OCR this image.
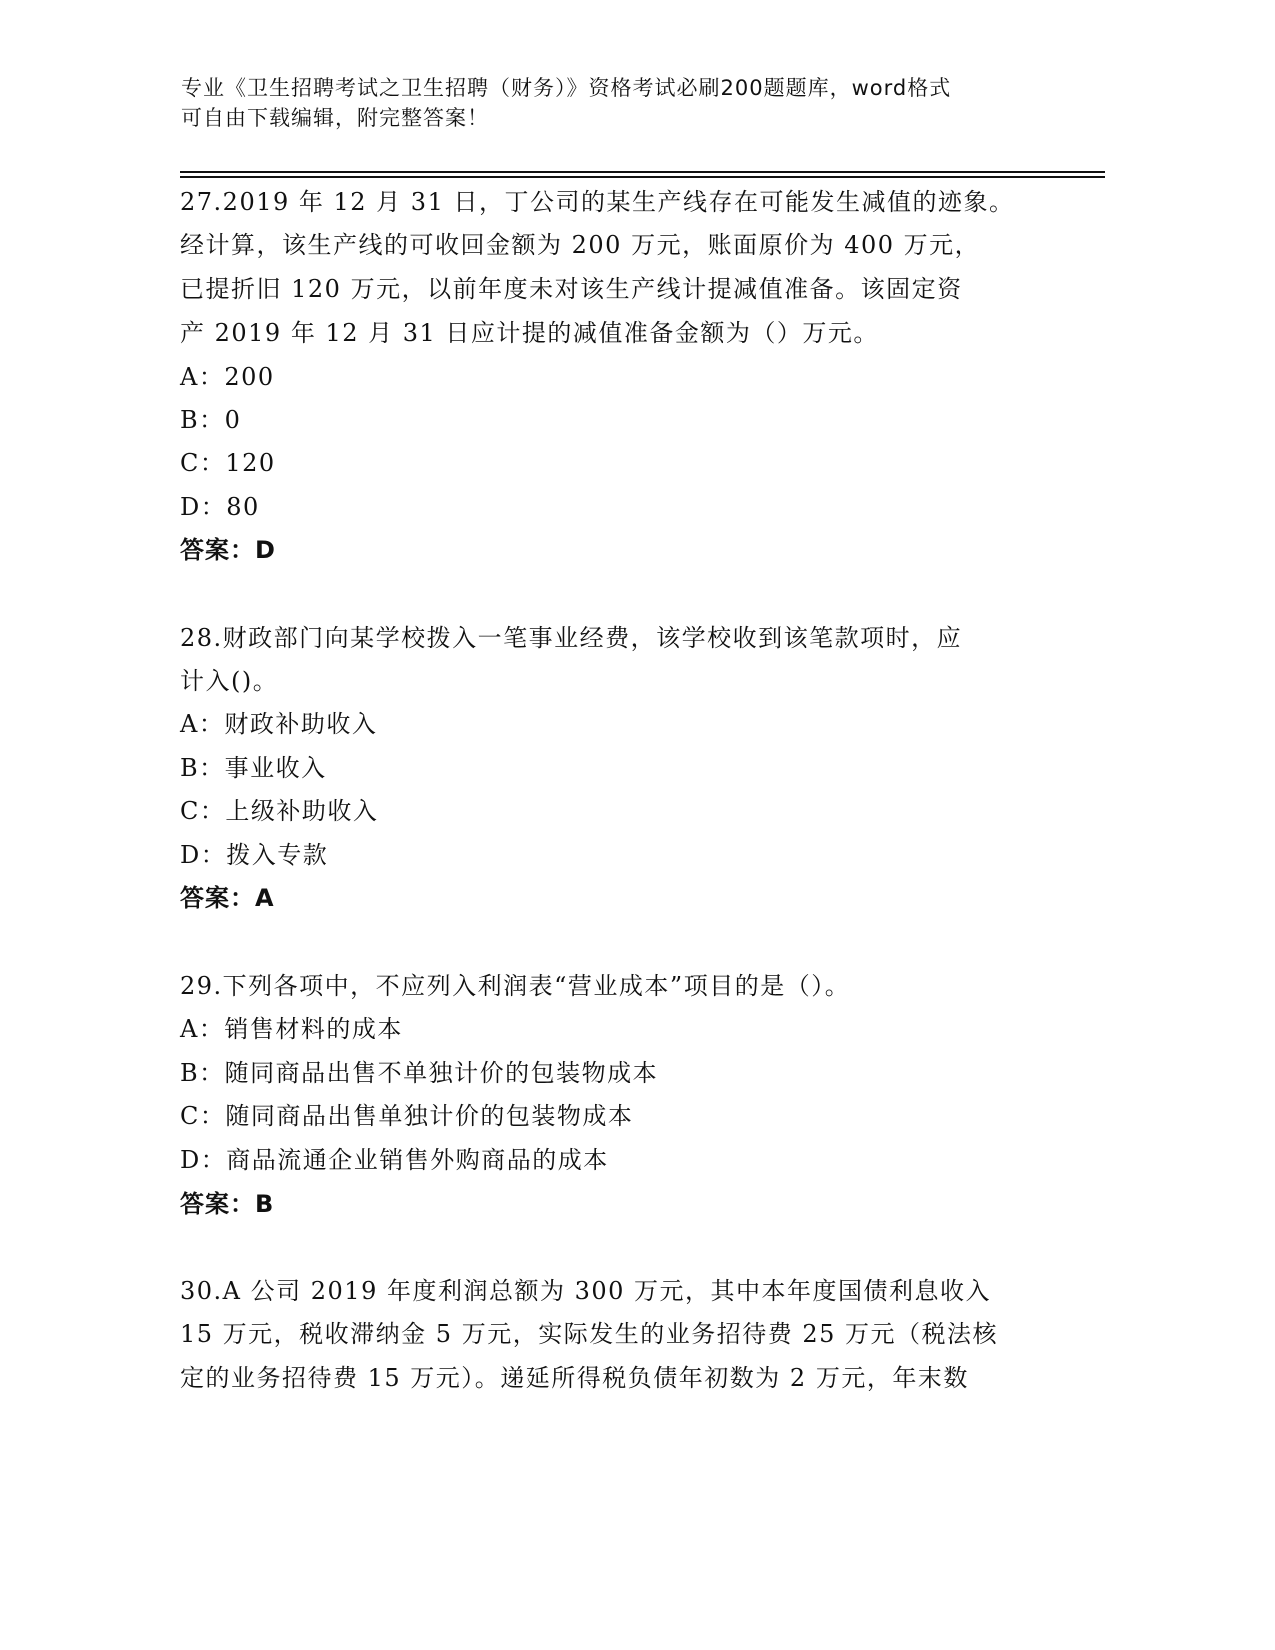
专业《卫生招聘考试之卫生招聘（财务）》资格考试必刷200题题库，word格式
可自由下载编辑，附完整答案！
27.2019 年 12 月 31 日，丁公司的某生产线存在可能发生减值的迹象。
经计算，该生产线的可收回金额为 200 万元，账面原价为 400 万元，
已提折旧 120 万元，以前年度未对该生产线计提减值准备。该固定资
产 2019 年 12 月 31 日应计提的减值准备金额为（）万元。
A：200
B：0
C：120
D：80
答案：D
28.财政部门向某学校拨入一笔事业经费，该学校收到该笔款项时，应
计入()。
A：财政补助收入
B：事业收入
C：上级补助收入
D：拨入专款
答案：A
29.下列各项中，不应列入利润表“营业成本”项目的是（）。
A：销售材料的成本
B：随同商品出售不单独计价的包装物成本
C：随同商品出售单独计价的包装物成本
D：商品流通企业销售外购商品的成本
答案：B
30.A 公司 2019 年度利润总额为 300 万元，其中本年度国债利息收入
15 万元，税收滞纳金 5 万元，实际发生的业务招待费 25 万元（税法核
定的业务招待费 15 万元）。递延所得税负债年初数为 2 万元，年末数
